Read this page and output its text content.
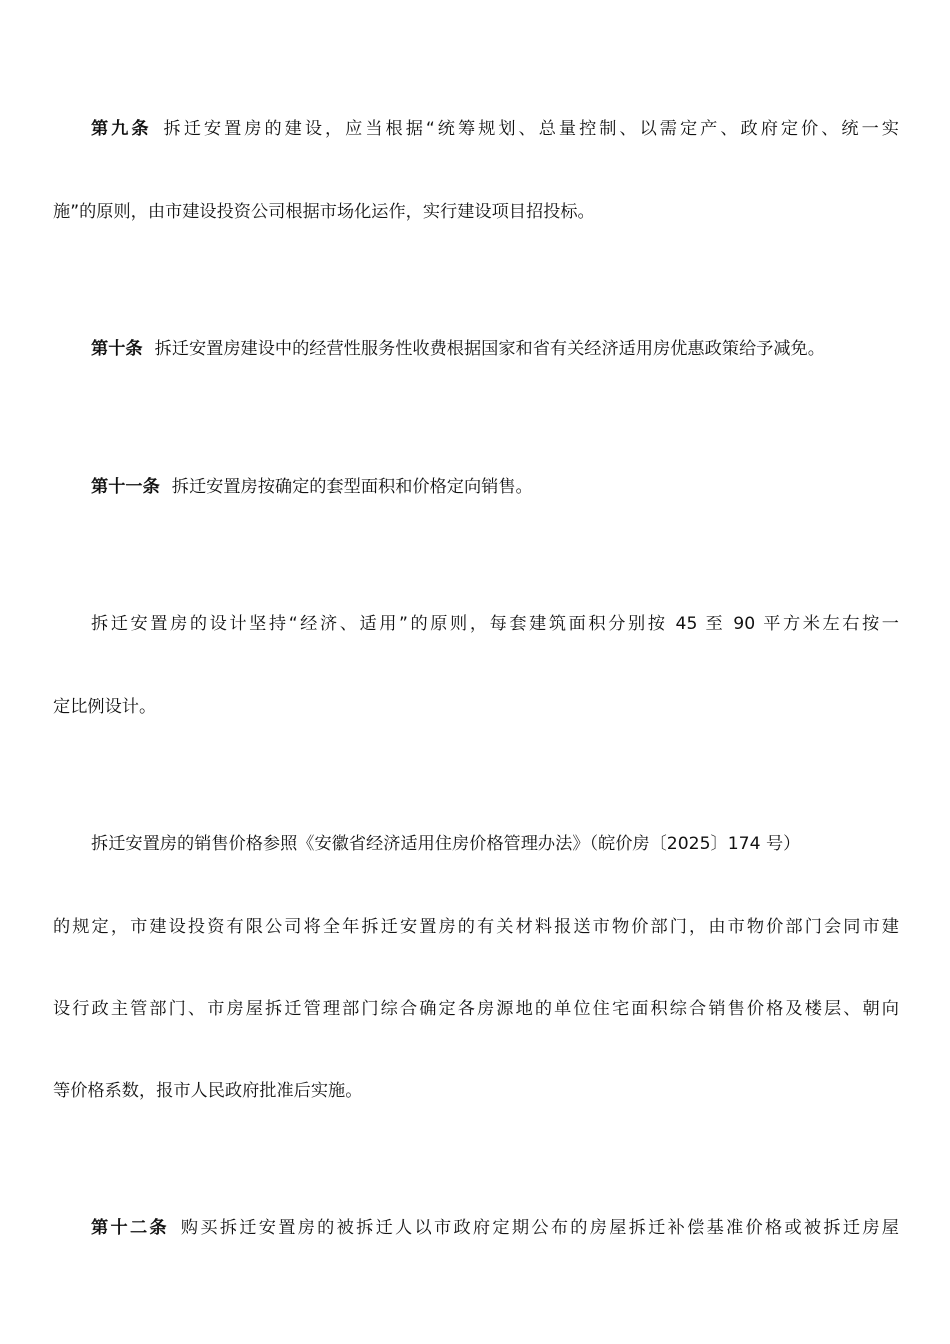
第九条 拆迁安置房的建设，应当根据“统筹规划、总量控制、以需定产、政府定价、统一实
施”的原则，由市建设投资公司根据市场化运作，实行建设项目招投标。
第十条 拆迁安置房建设中的经营性服务性收费根据国家和省有关经济适用房优惠政策给予减免。
第十一条 拆迁安置房按确定的套型面积和价格定向销售。
拆迁安置房的设计坚持“经济、适用”的原则，每套建筑面积分别按 45 至 90 平方米左右按一
定比例设计。
拆迁安置房的销售价格参照《安徽省经济适用住房价格管理办法》（皖价房〔2025〕174 号）
的规定，市建设投资有限公司将全年拆迁安置房的有关材料报送市物价部门，由市物价部门会同市建
设行政主管部门、市房屋拆迁管理部门综合确定各房源地的单位住宅面积综合销售价格及楼层、朝向
等价格系数，报市人民政府批准后实施。
第十二条 购买拆迁安置房的被拆迁人以市政府定期公布的房屋拆迁补偿基准价格或被拆迁房屋
